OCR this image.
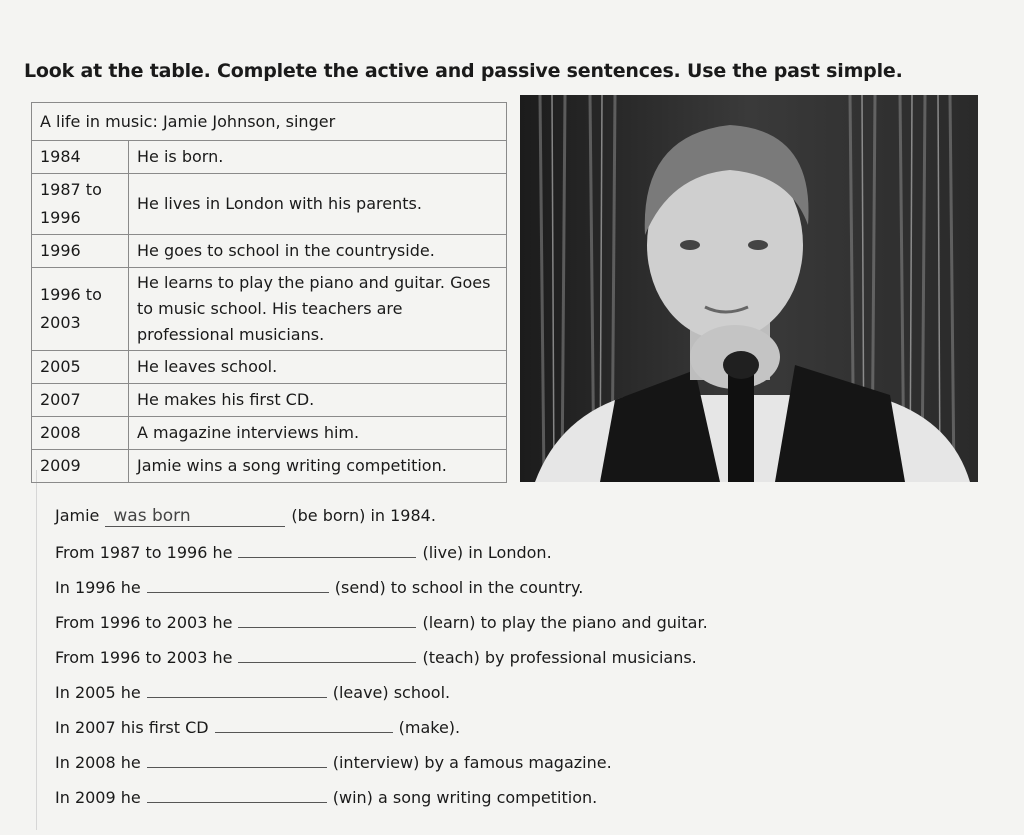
Look at the table. Complete the active and passive sentences. Use the past simple.
A life in music: Jamie Johnson, singer	
1984	He is born.
1987 to 1996	He lives in London with his parents.
1996	He goes to school in the countryside.
1996 to 2003	He learns to play the piano and guitar. Goes to music school. His teachers are professional musicians.
2005	He leaves school.
2007	He makes his first CD.
2008	A magazine interviews him.
2009	Jamie wins a song writing competition.
Jamie was born	(be born) in 1984.
From 1987 to 1996 he	(live) in London.
In 1996 he	(send) to school in the country.
From 1996 to 2003 he	(learn) to play the piano and guitar.
From 1996 to 2003 he	(teach) by professional musicians.
In 2005 he	(leave) school.
In 2007 his first CD	(make).
In 2008 he	(interview) by a famous magazine.
In 2009 he	(win) a song writing competition.
